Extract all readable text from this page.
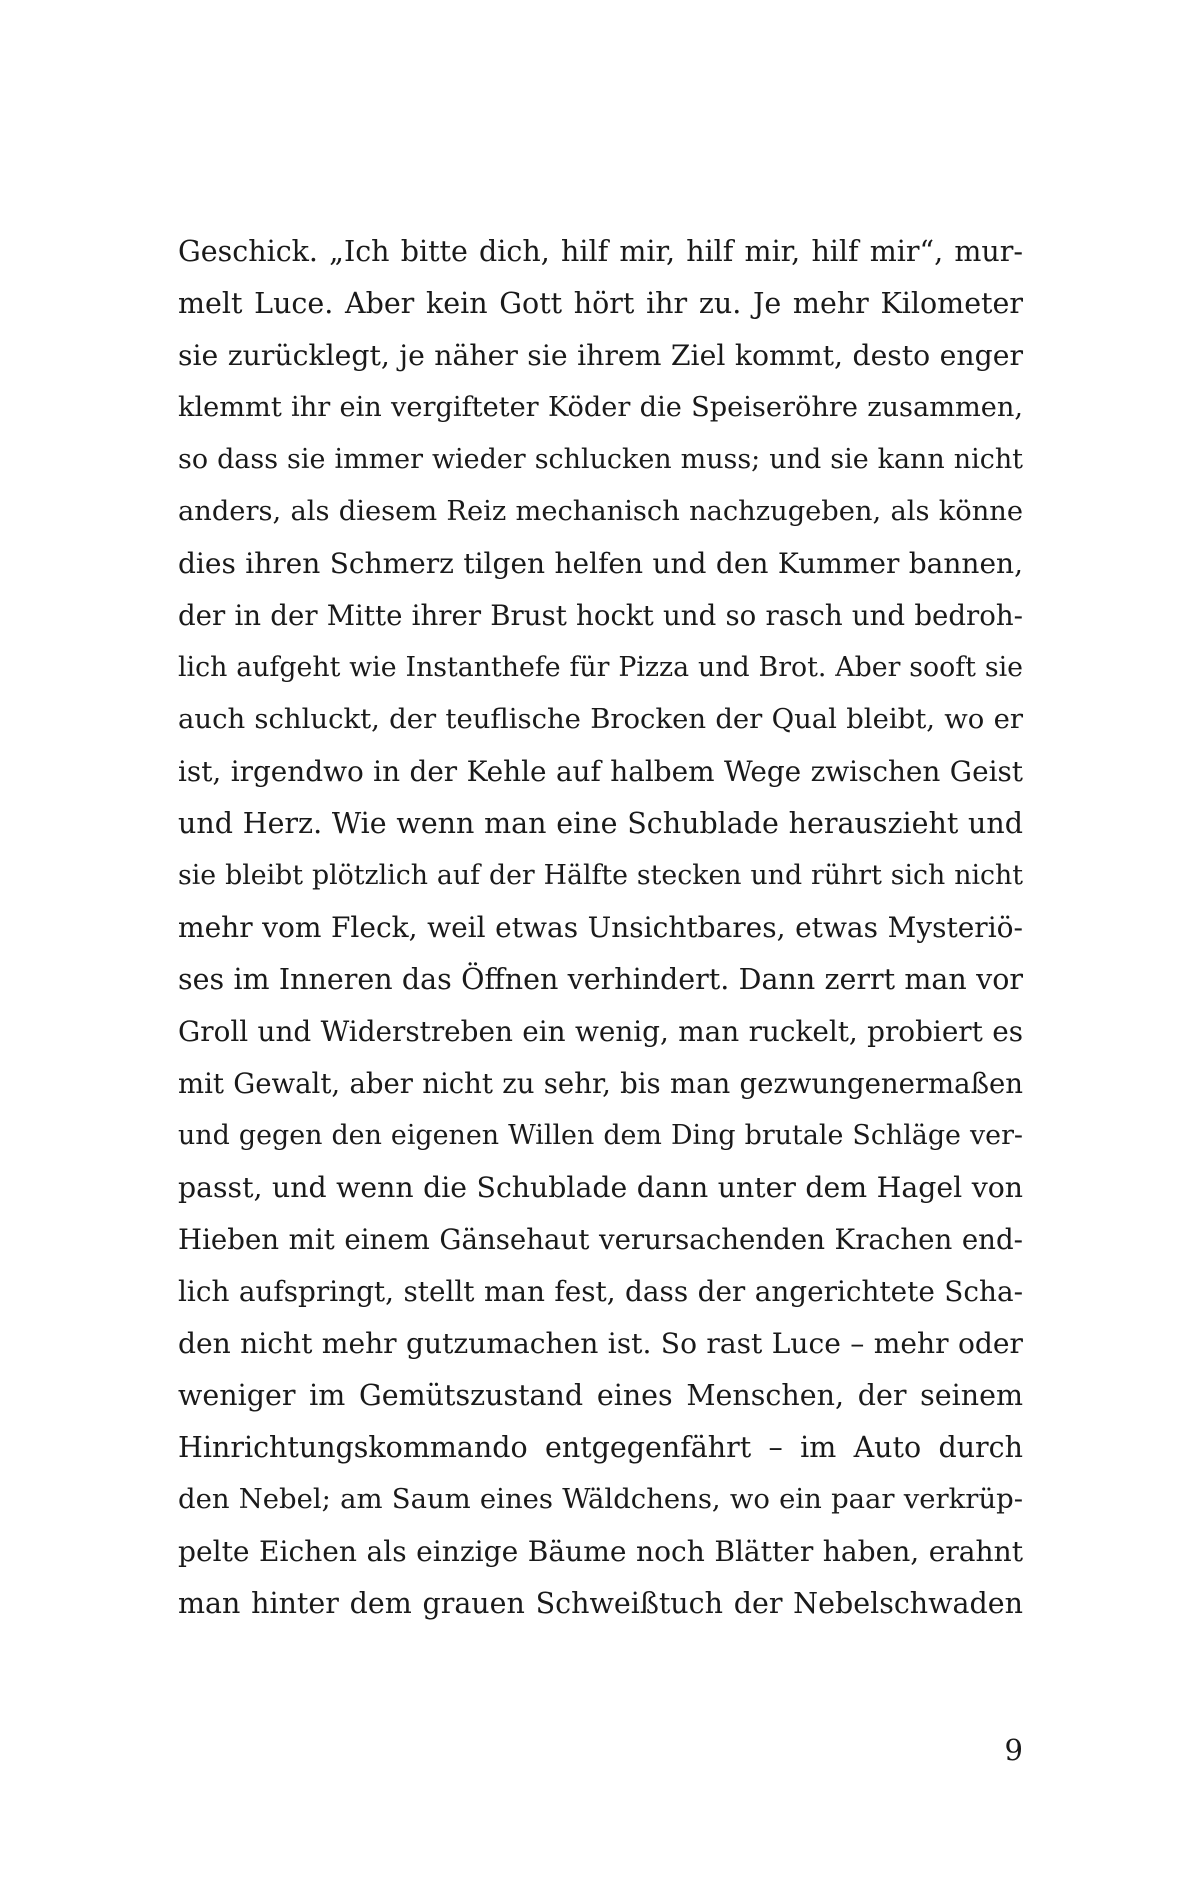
Geschick. „Ich bitte dich, hilf mir, hilf mir, hilf mir“, mur-
melt Luce. Aber kein Gott hört ihr zu. Je mehr Kilometer
sie zurücklegt, je näher sie ihrem Ziel kommt, desto enger
klemmt ihr ein vergifteter Köder die Speiseröhre zusammen,
so dass sie immer wieder schlucken muss; und sie kann nicht
anders, als diesem Reiz mechanisch nachzugeben, als könne
dies ihren Schmerz tilgen helfen und den Kummer bannen,
der in der Mitte ihrer Brust hockt und so rasch und bedroh-
lich aufgeht wie Instanthefe für Pizza und Brot. Aber sooft sie
auch schluckt, der teuflische Brocken der Qual bleibt, wo er
ist, irgendwo in der Kehle auf halbem Wege zwischen Geist
und Herz. Wie wenn man eine Schublade herauszieht und
sie bleibt plötzlich auf der Hälfte stecken und rührt sich nicht
mehr vom Fleck, weil etwas Unsichtbares, etwas Mysteriö-
ses im Inneren das Öffnen verhindert. Dann zerrt man vor
Groll und Widerstreben ein wenig, man ruckelt, probiert es
mit Gewalt, aber nicht zu sehr, bis man gezwungenermaßen
und gegen den eigenen Willen dem Ding brutale Schläge ver-
passt, und wenn die Schublade dann unter dem Hagel von
Hieben mit einem Gänsehaut verursachenden Krachen end-
lich aufspringt, stellt man fest, dass der angerichtete Scha-
den nicht mehr gutzumachen ist. So rast Luce – mehr oder
weniger im Gemütszustand eines Menschen, der seinem
Hinrichtungskommando entgegenfährt – im Auto durch
den Nebel; am Saum eines Wäldchens, wo ein paar verkrüp-
pelte Eichen als einzige Bäume noch Blätter haben, erahnt
man hinter dem grauen Schweißtuch der Nebelschwaden
9
